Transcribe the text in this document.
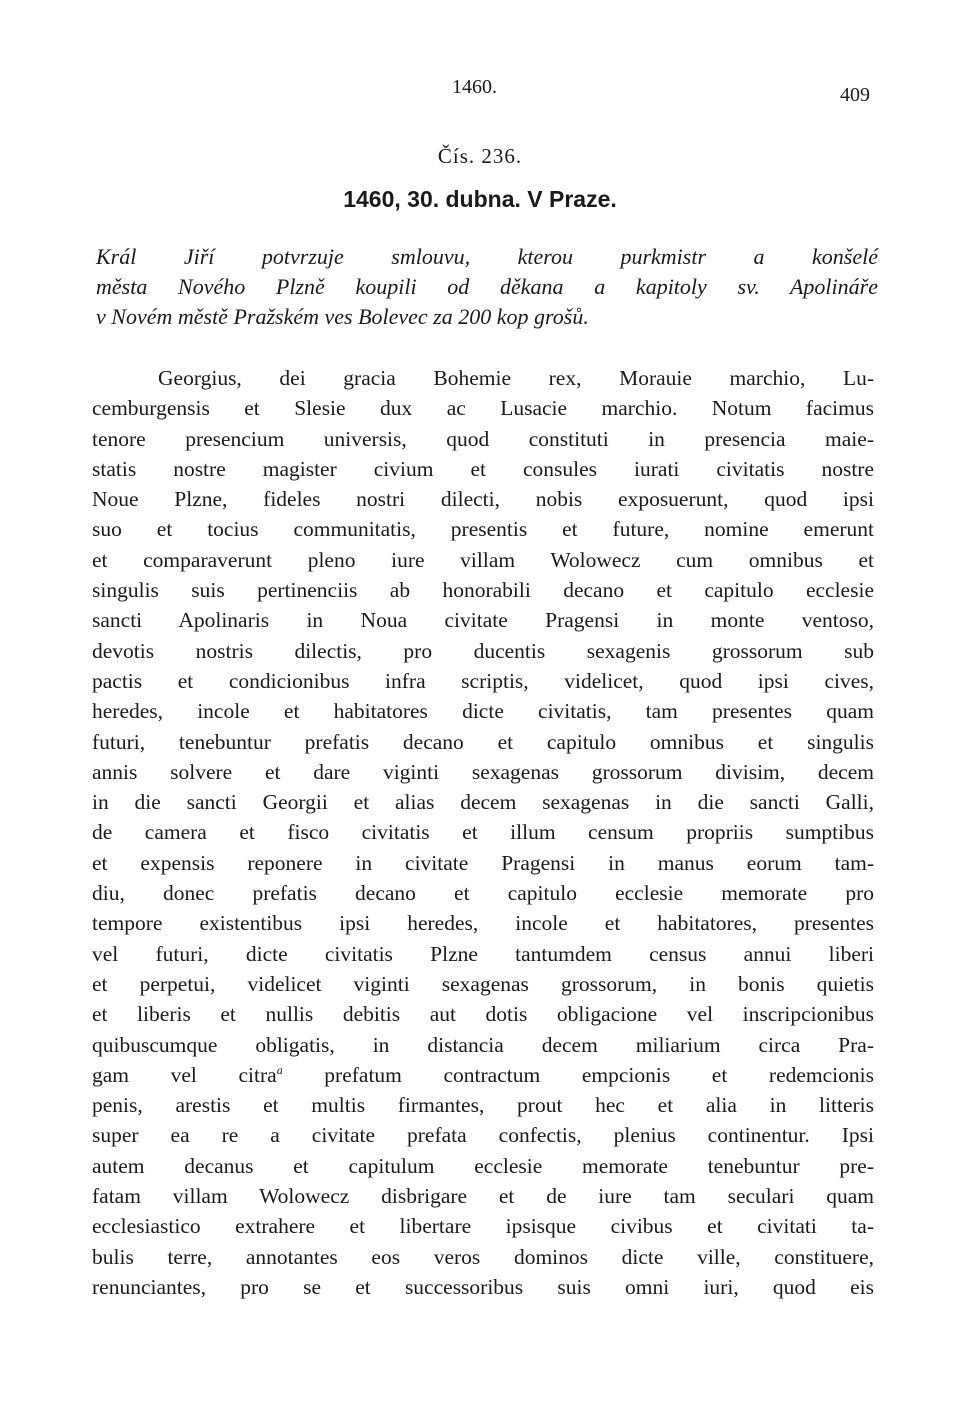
1460.	409
Čís. 236.
1460, 30. dubna. V Praze.
Král Jiří potvrzuje smlouvu, kterou purkmistr a konšelé
města Nového Plzně koupili od děkana a kapitoly sv. Apolináře
v Novém městě Pražském ves Bolevec za 200 kop grošů.
Georgius, dei gracia Bohemie rex, Morauie marchio, Lu-
cemburgensis et Slesie dux ac Lusacie marchio. Notum facimus
tenore presencium universis, quod constituti in presencia maie-
statis nostre magister civium et consules iurati civitatis nostre
Noue Plzne, fideles nostri dilecti, nobis exposuerunt, quod ipsi
suo et tocius communitatis, presentis et future, nomine emerunt
et comparaverunt pleno iure villam Wolowecz cum omnibus et
singulis suis pertinenciis ab honorabili decano et capitulo ecclesie
sancti Apolinaris in Noua civitate Pragensi in monte ventoso,
devotis nostris dilectis, pro ducentis sexagenis grossorum sub
pactis et condicionibus infra scriptis, videlicet, quod ipsi cives,
heredes, incole et habitatores dicte civitatis, tam presentes quam
futuri, tenebuntur prefatis decano et capitulo omnibus et singulis
annis solvere et dare viginti sexagenas grossorum divisim, decem
in die sancti Georgii et alias decem sexagenas in die sancti Galli,
de camera et fisco civitatis et illum censum propriis sumptibus
et expensis reponere in civitate Pragensi in manus eorum tam-
diu, donec prefatis decano et capitulo ecclesie memorate pro
tempore existentibus ipsi heredes, incole et habitatores, presentes
vel futuri, dicte civitatis Plzne tantumdem census annui liberi
et perpetui, videlicet viginti sexagenas grossorum, in bonis quietis
et liberis et nullis debitis aut dotis obligacione vel inscripcionibus
quibuscumque obligatis, in distancia decem miliarium circa Pra-
gam vel citra$^a$ prefatum contractum empcionis et redemcionis
penis, arestis et multis firmantes, prout hec et alia in litteris
super ea re a civitate prefata confectis, plenius continentur. Ipsi
autem decanus et capitulum ecclesie memorate tenebuntur pre-
fatam villam Wolowecz disbrigare et de iure tam seculari quam
ecclesiastico extrahere et libertare ipsisque civibus et civitati ta-
bulis terre, annotantes eos veros dominos dicte ville, constituere,
renunciantes, pro se et successoribus suis omni iuri, quod eis
